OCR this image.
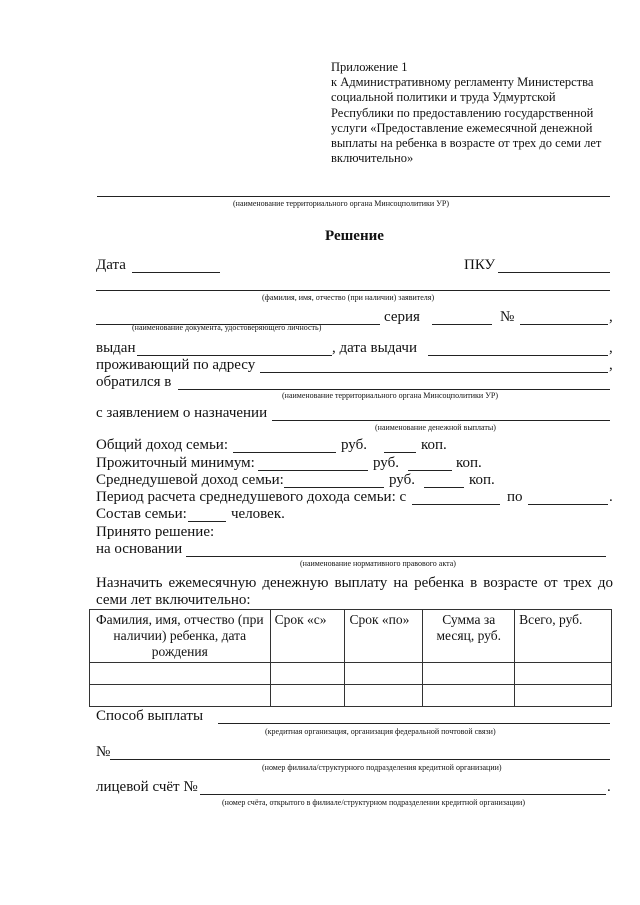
Приложение 1
к Административному регламенту Министерства социальной политики и труда Удмуртской Республики по предоставлению государственной услуги «Предоставление ежемесячной денежной выплаты на ребенка в возрасте от трех до семи лет включительно»
(наименование территориального органа Минсоцполитики УР)
Решение
Дата	ПКУ
(фамилия, имя, отчество (при наличии) заявителя)
серия	№	,
(наименование документа, удостоверяющего личность)
выдан	, дата выдачи	,
проживающий по адресу	,
обратился в
(наименование территориального органа Минсоцполитики УР)
с заявлением о назначении
(наименование денежной выплаты)
Общий доход семьи:	руб.	коп.
Прожиточный минимум:	руб.	коп.
Среднедушевой доход семьи:	руб.	коп.
Период расчета среднедушевого дохода семьи: с	по	.
Состав семьи:	человек.
Принято решение:
на основании
(наименование нормативного правового акта)
Назначить ежемесячную денежную выплату на ребенка в возрасте от трех до семи лет включительно:
Фамилия, имя, отчество (при наличии) ребенка, дата рождения	Срок «с»	Срок «по»	Сумма за месяц, руб.	Всего, руб.

Способ выплаты
(кредитная организация, организация федеральной почтовой связи)
№
(номер филиала/структурного подразделения кредитной организации)
лицевой счёт №	.
(номер счёта, открытого в филиале/структурном подразделении кредитной организации)
